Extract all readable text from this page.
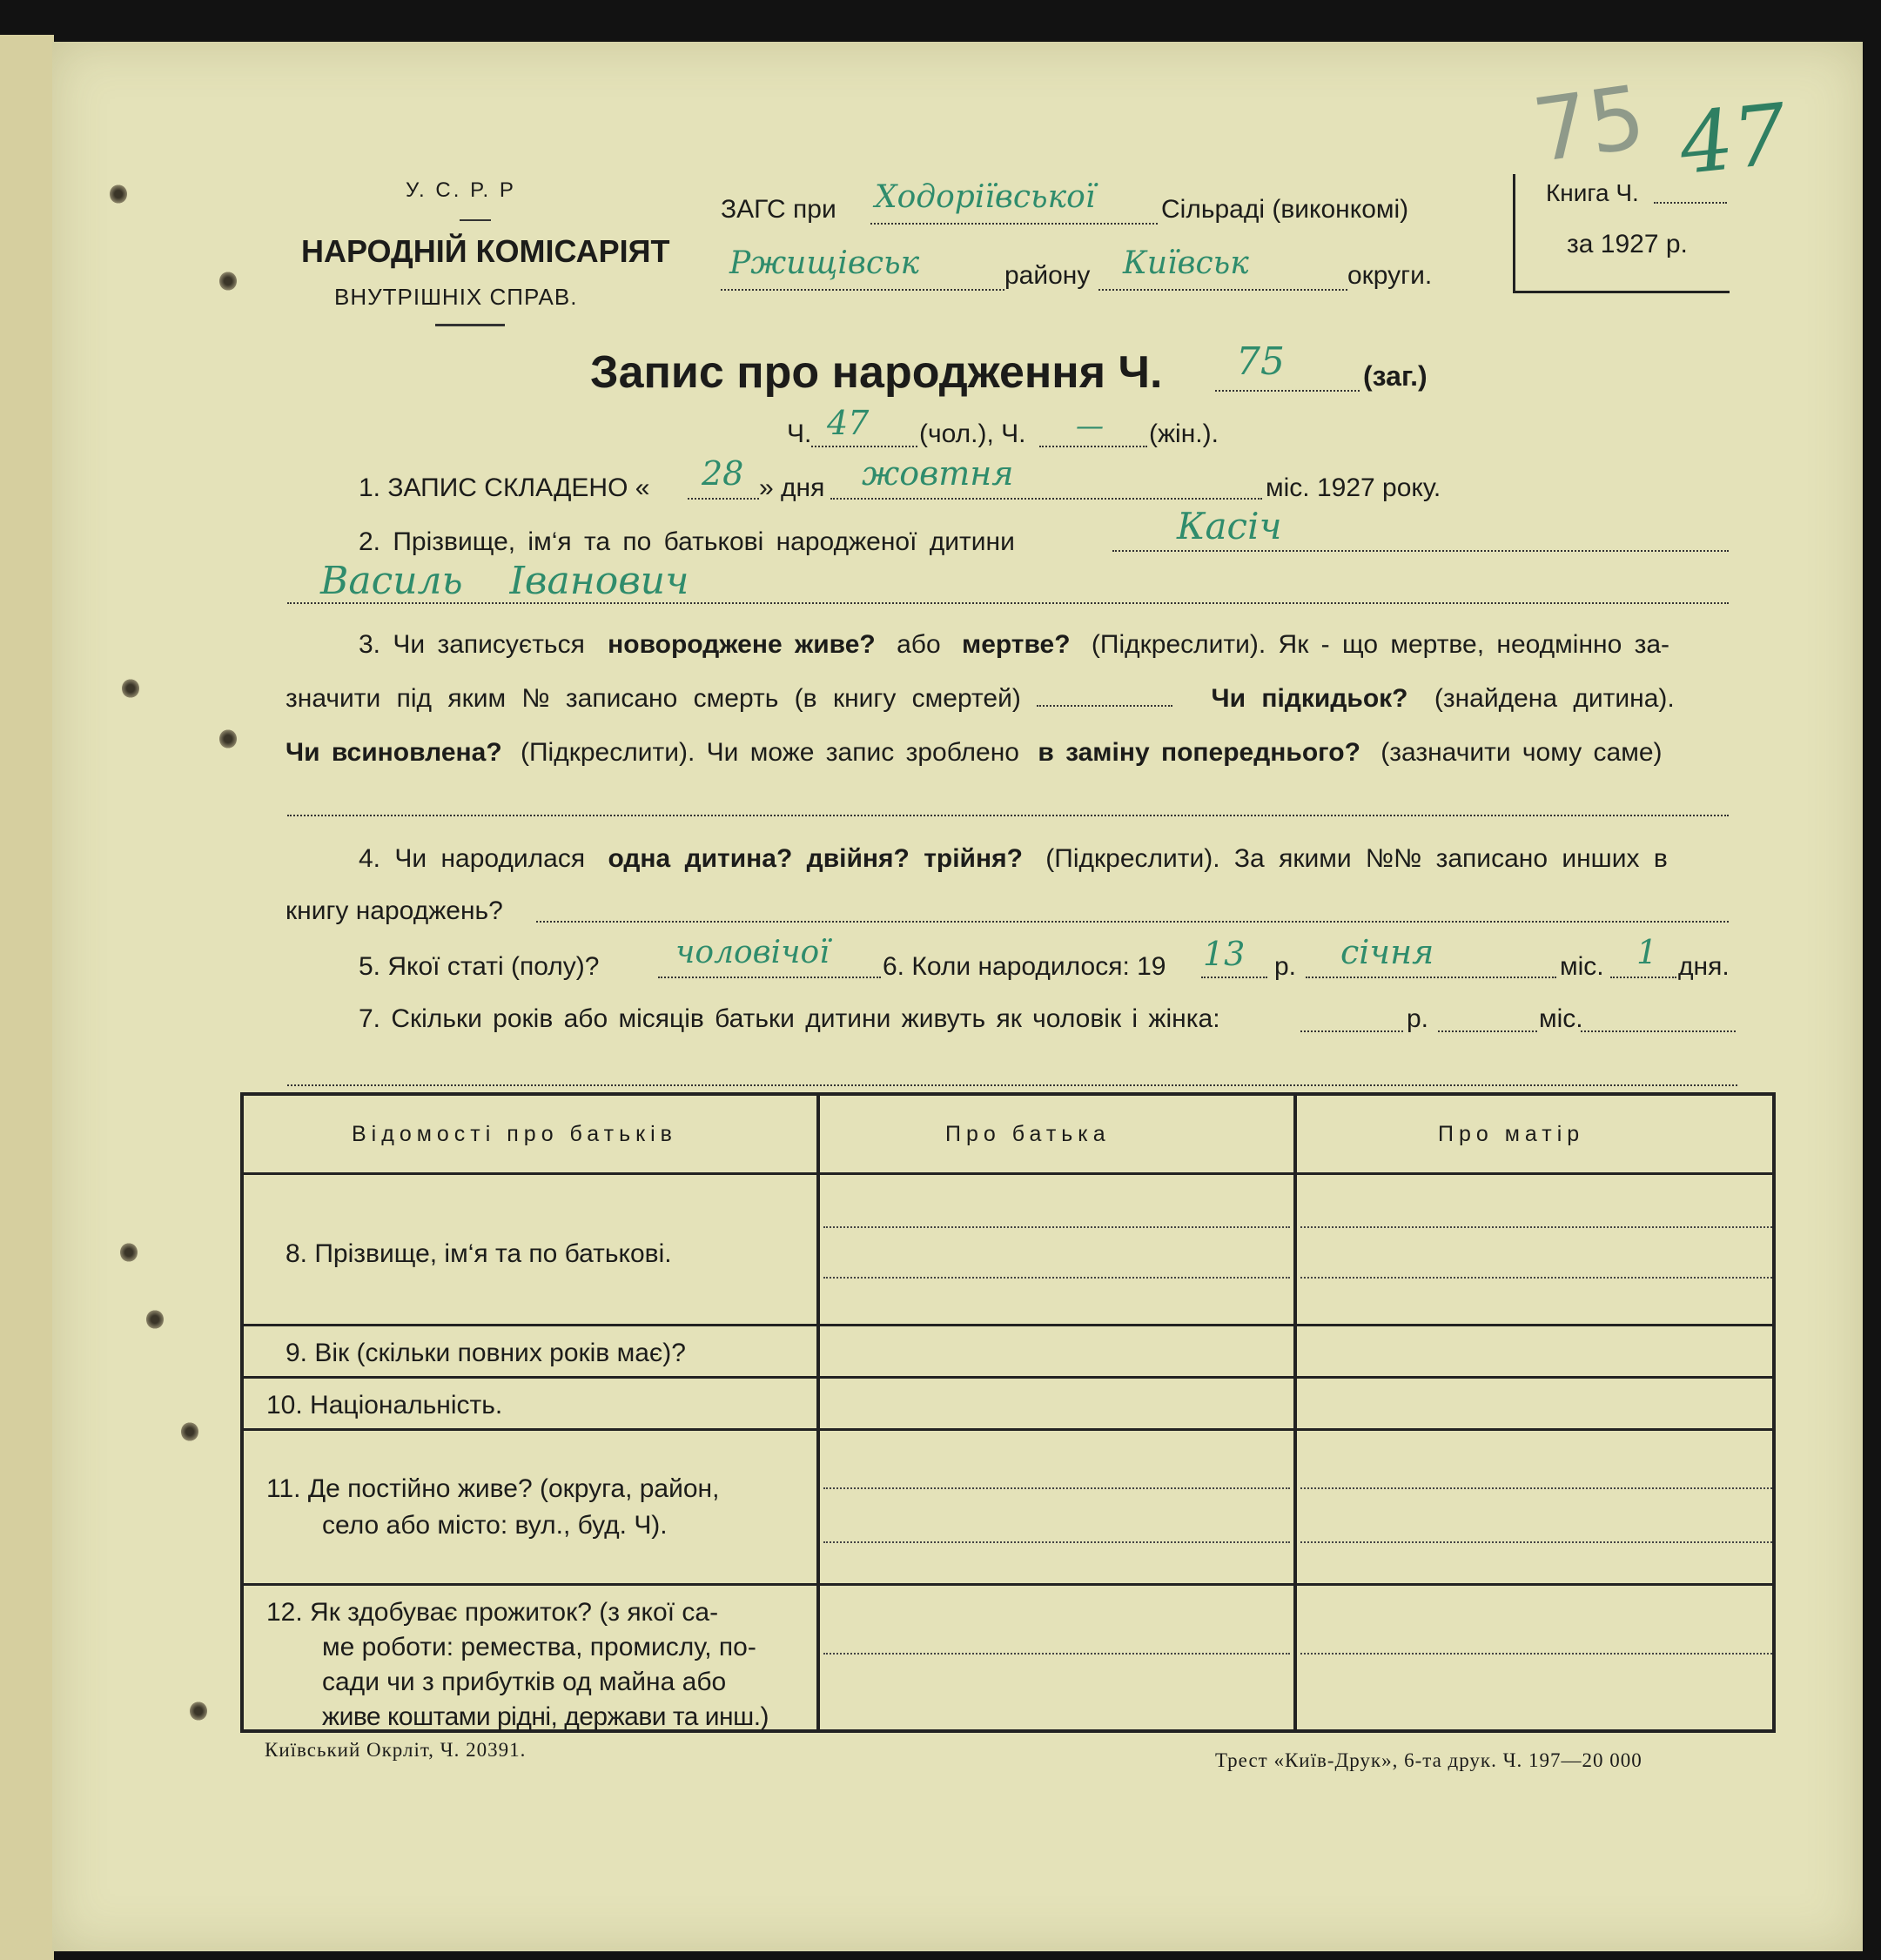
У. С. Р. Р
НАРОДНІЙ КОМІСАРІЯТ
ВНУТРІШНІХ СПРАВ.
ЗАГС при Ходоріївської	Сільраді (виконкомі)
Ржищівськ	району Київськ	округи.
Книга Ч.
за 1927 р.
75 47
Запис про народження Ч. 75	(заг.)
Ч. 47 (чол.), Ч. — (жін.).
1. ЗАПИС СКЛАДЕНО « 28 » дня жовтня	міс. 1927 року.
2. Прізвище, ім‘я та по батькові народженої дитини	Касіч
Василь Іванович
3. Чи записується новороджене живе? або мертве? (Підкреслити). Як - що мертве, неодмінно за-
значити під яким № записано смерть (в книгу смертей)	Чи підкидьок? (знайдена дитина).
Чи всиновлена? (Підкреслити). Чи може запис зроблено в заміну попереднього? (зазначити чому саме)
4. Чи народилася одна дитина? двійня? трійня? (Підкреслити). За якими №№ записано инших в
книгу народжень?
5. Якої статі (полу)? чоловічої 6. Коли народилося: 19 13 р. січня	міс. 1 дня.
7. Скільки років або місяців батьки дитини живуть як чоловік і жінка:	р.	міс.
Відомості про батьків	Про батька	Про матір
8. Прізвище, ім‘я та по батькові.
9. Вік (скільки повних років має)?
10. Національність.
11. Де постійно живе? (округа, район,
село або місто: вул., буд. Ч).
12. Як здобуває прожиток? (з якої са-
ме роботи: ремества, промислу, по-
сади чи з прибутків од майна або
живе коштами рідні, держави та инш.)
Київський Окрліт, Ч. 20391.	Трест «Київ-Друк», 6-та друк. Ч. 197—20 000
